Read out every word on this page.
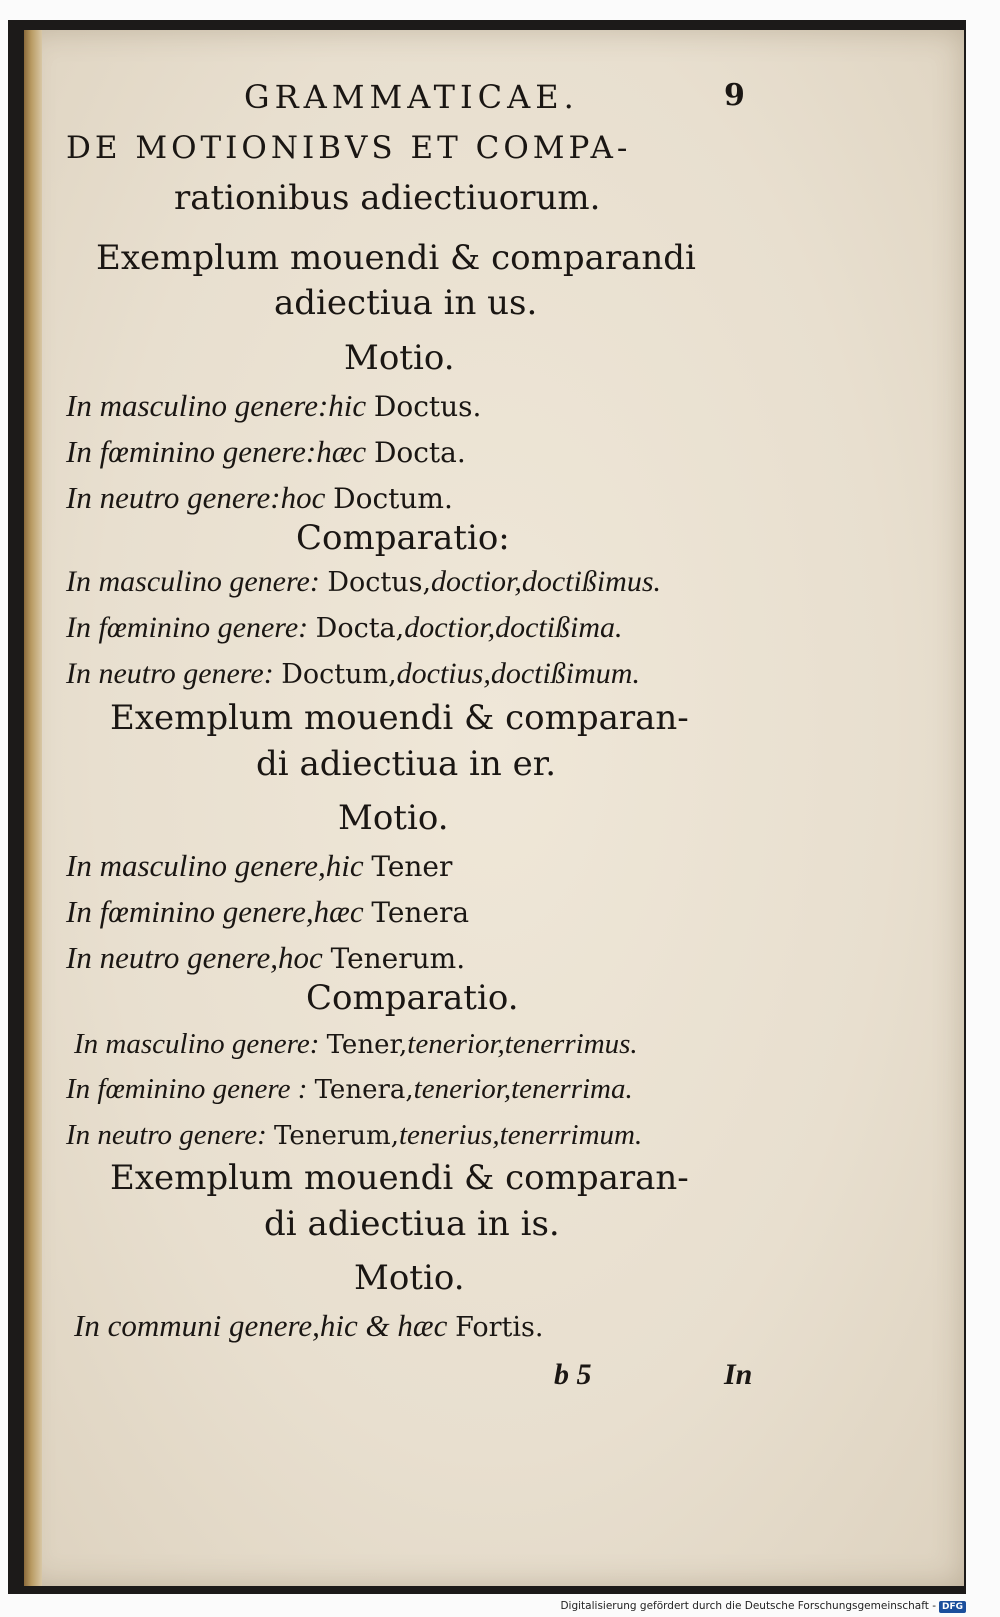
GRAMMATICAE.	9
DE MOTIONIBVS ET COMPA-
rationibus adiectiuorum.
Exemplum mouendi & comparandi
adiectiua in us.
Motio.
In masculino genere:hic Doctus.
In fœminino genere:hæc Docta.
In neutro genere:hoc Doctum.
Comparatio:
In masculino genere: Doctus,doctior,doctißimus.
In fœminino genere: Docta,doctior,doctißima.
In neutro genere: Doctum,doctius,doctißimum.
Exemplum mouendi & comparan-
di adiectiua in er.
Motio.
In masculino genere,hic Tener
In fœminino genere,hæc Tenera
In neutro genere,hoc Tenerum.
Comparatio.
In masculino genere: Tener,tenerior,tenerrimus.
In fœminino genere : Tenera,tenerior,tenerrima.
In neutro genere: Tenerum,tenerius,tenerrimum.
Exemplum mouendi & comparan-
di adiectiua in is.
Motio.
In communi genere,hic & hæc Fortis.
b 5	In
Digitalisierung gefördert durch die Deutsche Forschungsgemeinschaft - DFG
